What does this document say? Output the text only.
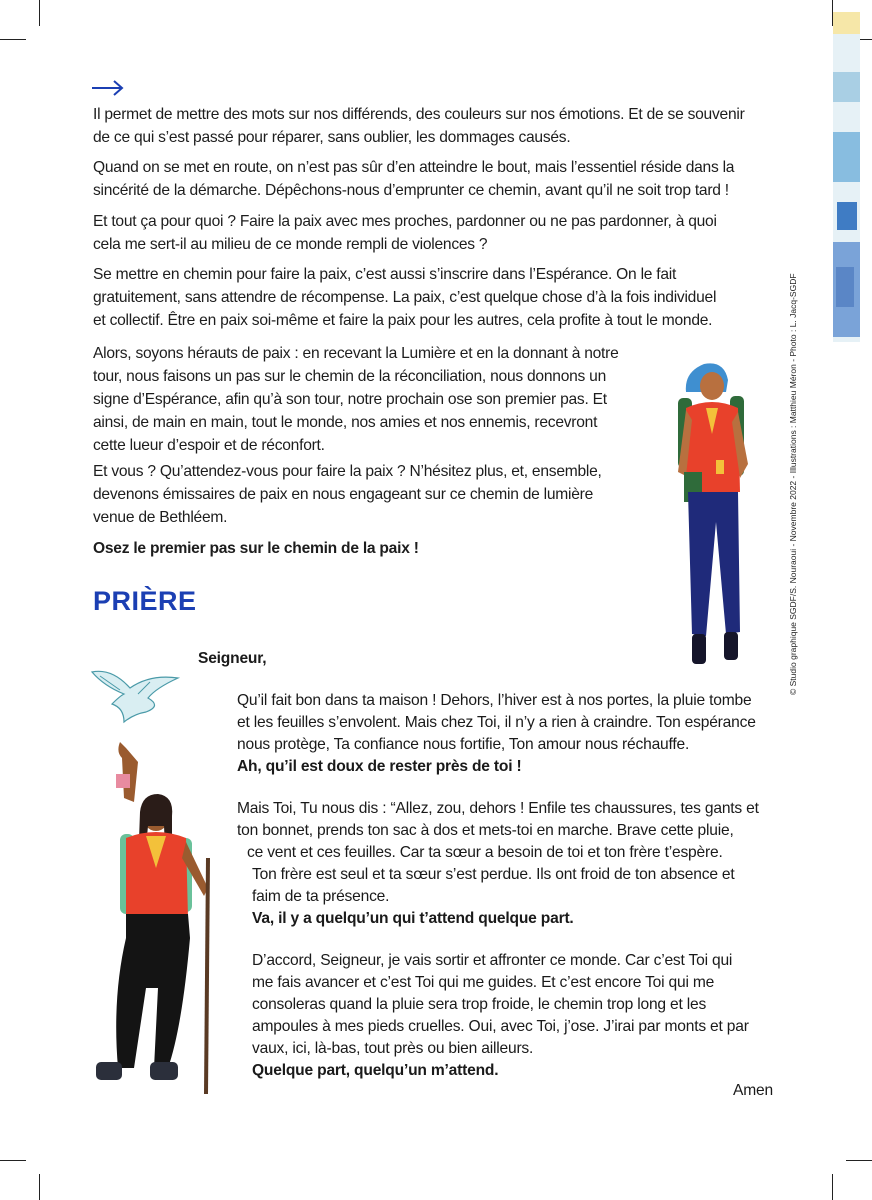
Il permet de mettre des mots sur nos différends, des couleurs sur nos émotions. Et de se souvenir
de ce qui s’est passé pour réparer, sans oublier, les dommages causés.
Quand on se met en route, on n’est pas sûr d’en atteindre le bout, mais l’essentiel réside dans la
sincérité de la démarche. Dépêchons-nous d’emprunter ce chemin, avant qu’il ne soit trop tard !
Et tout ça pour quoi ? Faire la paix avec mes proches, pardonner ou ne pas pardonner, à quoi
cela me sert-il au milieu de ce monde rempli de violences ?
Se mettre en chemin pour faire la paix, c’est aussi s’inscrire dans l’Espérance. On le fait
gratuitement, sans attendre de récompense. La paix, c’est quelque chose d’à la fois individuel
et collectif. Être en paix soi-même et faire la paix pour les autres, cela profite à tout le monde.
Alors, soyons hérauts de paix : en recevant la Lumière et en la donnant à notre
tour, nous faisons un pas sur le chemin de la réconciliation, nous donnons un
signe d’Espérance, afin qu’à son tour, notre prochain ose son premier pas. Et
ainsi, de main en main, tout le monde, nos amies et nos ennemis, recevront
cette lueur d’espoir et de réconfort.
Et vous ? Qu’attendez-vous pour faire la paix ? N’hésitez plus, et, ensemble,
devenons émissaires de paix en nous engageant sur ce chemin de lumière
venue de Bethléem.
Osez le premier pas sur le chemin de la paix !
PRIÈRE
Seigneur,
Qu’il fait bon dans ta maison ! Dehors, l’hiver est à nos portes, la pluie tombe
et les feuilles s’envolent. Mais chez Toi, il n’y a rien à craindre. Ton espérance
nous protège, Ta confiance nous fortifie, Ton amour nous réchauffe.
Ah, qu’il est doux de rester près de toi !
Mais Toi, Tu nous dis : “Allez, zou, dehors ! Enfile tes chaussures, tes gants et
ton bonnet, prends ton sac à dos et mets-toi en marche. Brave cette pluie,
ce vent et ces feuilles. Car ta sœur a besoin de toi et ton frère t’espère.
Ton frère est seul et ta sœur s’est perdue. Ils ont froid de ton absence et
faim de ta présence.
Va, il y a quelqu’un qui t’attend quelque part.
D’accord, Seigneur, je vais sortir et affronter ce monde. Car c’est Toi qui
me fais avancer et c’est Toi qui me guides. Et c’est encore Toi qui me
consoleras quand la pluie sera trop froide, le chemin trop long et les
ampoules à mes pieds cruelles. Oui, avec Toi, j’ose. J’irai par monts et par
vaux, ici, là-bas, tout près ou bien ailleurs.
Quelque part, quelqu’un m’attend.
Amen
© Studio graphique SGDF/S. Nouraoui - Novembre 2022 - Illustrations : Matthieu Méron - Photo : L. Jacq-SGDF
